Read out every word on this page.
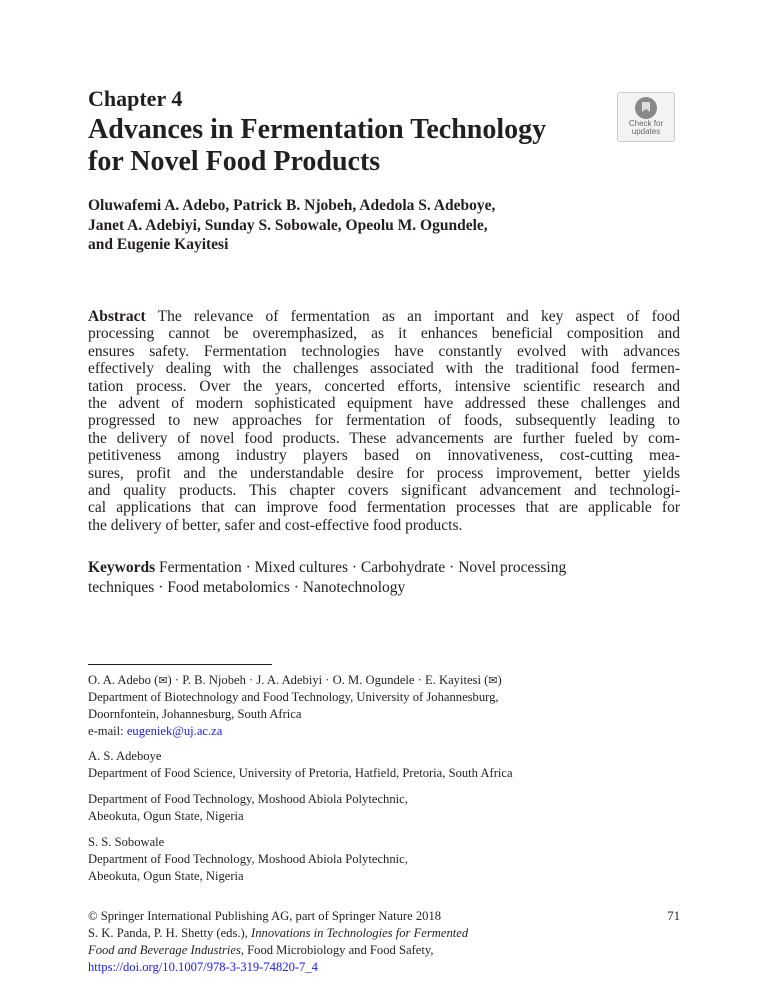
Chapter 4
Advances in Fermentation Technology
for Novel Food Products
Check for
updates
Oluwafemi A. Adebo, Patrick B. Njobeh, Adedola S. Adeboye,
Janet A. Adebiyi, Sunday S. Sobowale, Opeolu M. Ogundele,
and Eugenie Kayitesi
Abstract The relevance of fermentation as an important and key aspect of food
processing cannot be overemphasized, as it enhances beneficial composition and
ensures safety. Fermentation technologies have constantly evolved with advances
effectively dealing with the challenges associated with the traditional food fermen-
tation process. Over the years, concerted efforts, intensive scientific research and
the advent of modern sophisticated equipment have addressed these challenges and
progressed to new approaches for fermentation of foods, subsequently leading to
the delivery of novel food products. These advancements are further fueled by com-
petitiveness among industry players based on innovativeness, cost-cutting mea-
sures, profit and the understandable desire for process improvement, better yields
and quality products. This chapter covers significant advancement and technologi-
cal applications that can improve food fermentation processes that are applicable for
the delivery of better, safer and cost-effective food products.
Keywords Fermentation · Mixed cultures · Carbohydrate · Novel processing
techniques · Food metabolomics · Nanotechnology
O. A. Adebo (✉) · P. B. Njobeh · J. A. Adebiyi · O. M. Ogundele · E. Kayitesi (✉)
Department of Biotechnology and Food Technology, University of Johannesburg,
Doornfontein, Johannesburg, South Africa
e-mail: eugeniek@uj.ac.za
A. S. Adeboye
Department of Food Science, University of Pretoria, Hatfield, Pretoria, South Africa
Department of Food Technology, Moshood Abiola Polytechnic,
Abeokuta, Ogun State, Nigeria
S. S. Sobowale
Department of Food Technology, Moshood Abiola Polytechnic,
Abeokuta, Ogun State, Nigeria
© Springer International Publishing AG, part of Springer Nature 2018
S. K. Panda, P. H. Shetty (eds.), Innovations in Technologies for Fermented
Food and Beverage Industries, Food Microbiology and Food Safety,
https://doi.org/10.1007/978-3-319-74820-7_4
71
